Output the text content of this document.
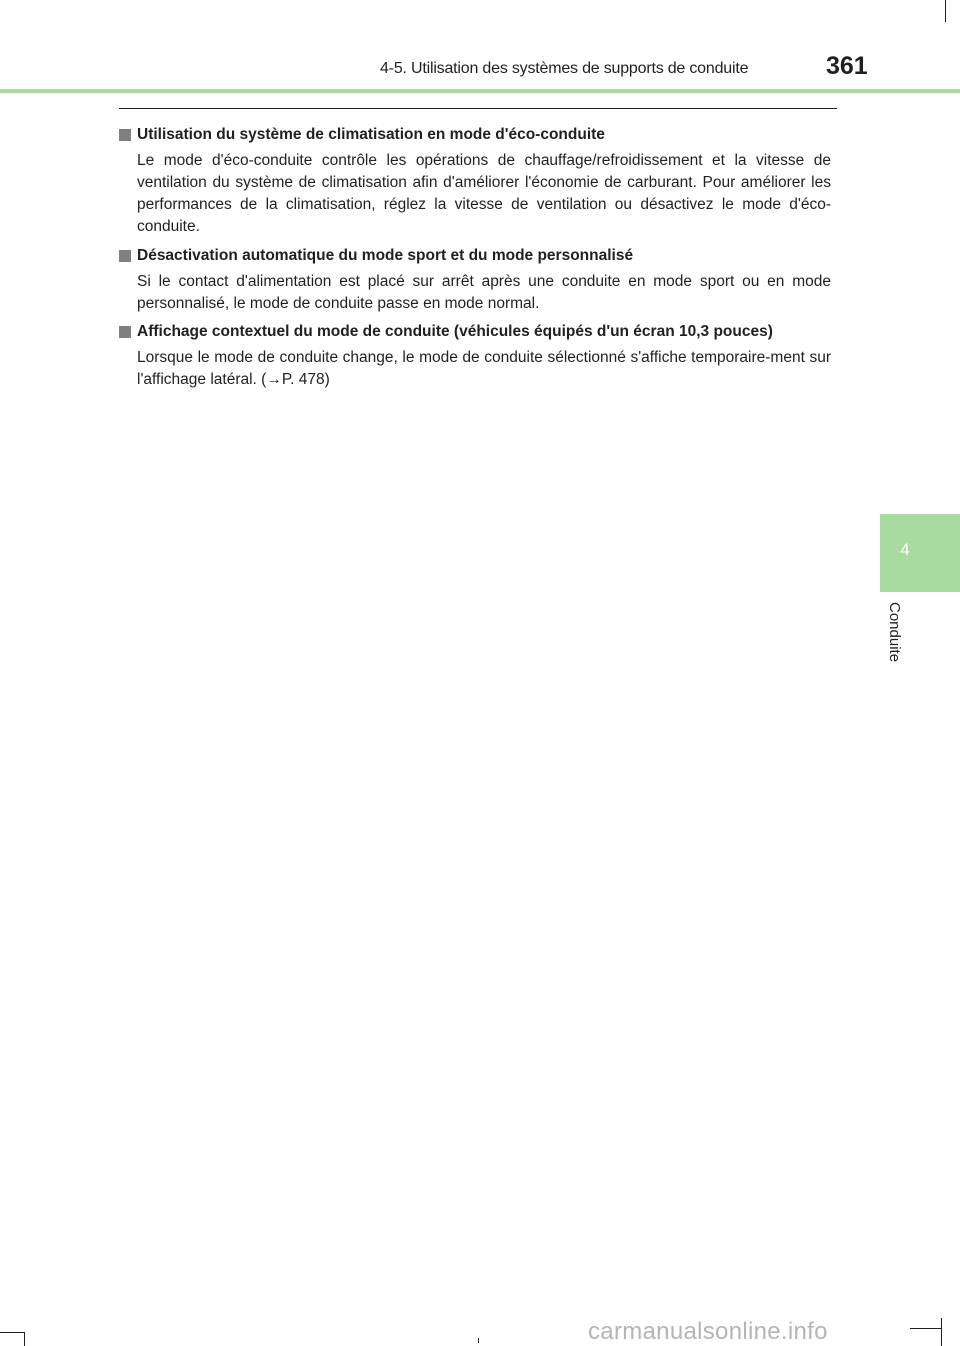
4-5. Utilisation des systèmes de supports de conduite	361
4
Conduite
Utilisation du système de climatisation en mode d'éco-conduite
Le mode d'éco-conduite contrôle les opérations de chauffage/refroidissement et la vitesse de ventilation du système de climatisation afin d'améliorer l'économie de carburant. Pour améliorer les performances de la climatisation, réglez la vitesse de ventilation ou désactivez le mode d'éco-conduite.
Désactivation automatique du mode sport et du mode personnalisé
Si le contact d'alimentation est placé sur arrêt après une conduite en mode sport ou en mode personnalisé, le mode de conduite passe en mode normal.
Affichage contextuel du mode de conduite (véhicules équipés d'un écran 10,3 pouces)
Lorsque le mode de conduite change, le mode de conduite sélectionné s'affiche temporaire-ment sur l'affichage latéral. (→P. 478)
carmanualsonline.info
